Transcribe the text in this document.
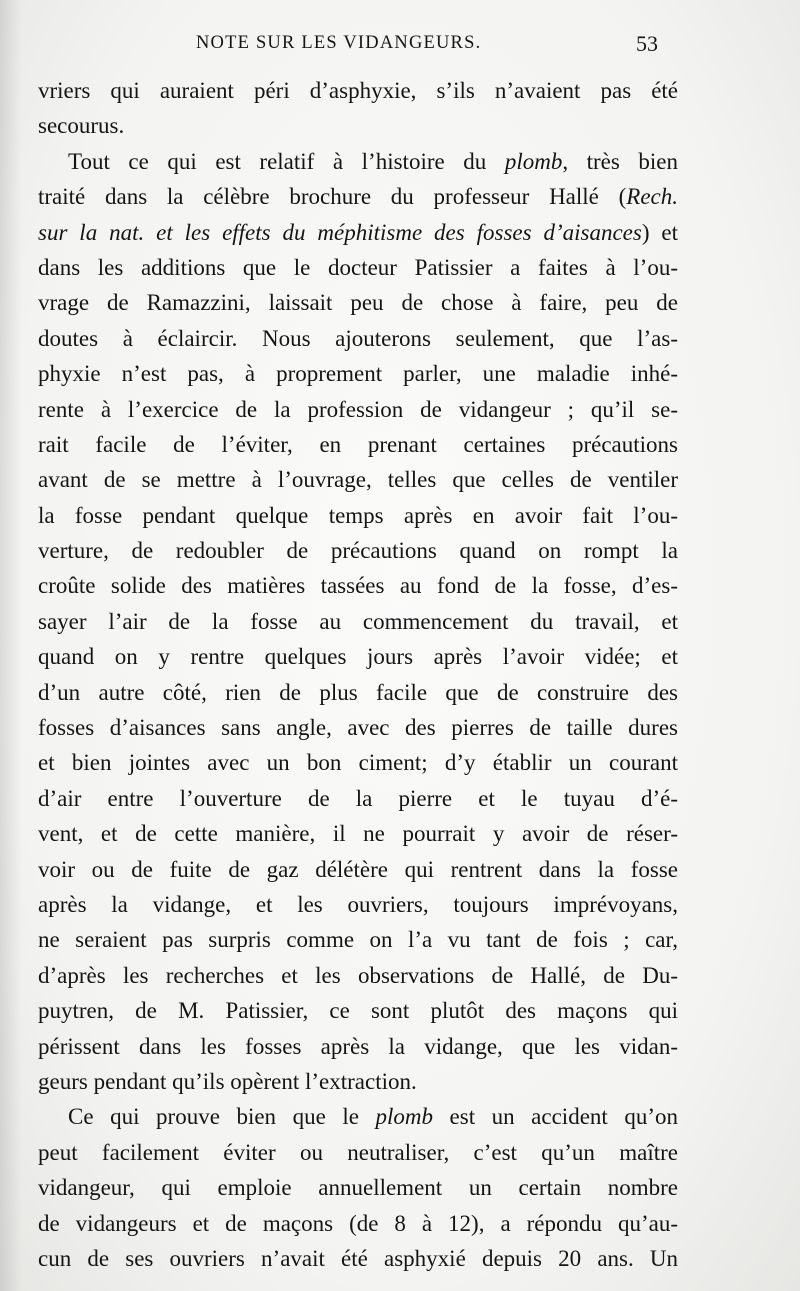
NOTE SUR LES VIDANGEURS.	53
vriers qui auraient péri d’asphyxie, s’ils n’avaient pas été
secourus.
Tout ce qui est relatif à l’histoire du plomb, très bien
traité dans la célèbre brochure du professeur Hallé (Rech.
sur la nat. et les effets du méphitisme des fosses d’aisances) et
dans les additions que le docteur Patissier a faites à l’ou-
vrage de Ramazzini, laissait peu de chose à faire, peu de
doutes à éclaircir. Nous ajouterons seulement, que l’as-
phyxie n’est pas, à proprement parler, une maladie inhé-
rente à l’exercice de la profession de vidangeur ; qu’il se-
rait facile de l’éviter, en prenant certaines précautions
avant de se mettre à l’ouvrage, telles que celles de ventiler
la fosse pendant quelque temps après en avoir fait l’ou-
verture, de redoubler de précautions quand on rompt la
croûte solide des matières tassées au fond de la fosse, d’es-
sayer l’air de la fosse au commencement du travail, et
quand on y rentre quelques jours après l’avoir vidée; et
d’un autre côté, rien de plus facile que de construire des
fosses d’aisances sans angle, avec des pierres de taille dures
et bien jointes avec un bon ciment; d’y établir un courant
d’air entre l’ouverture de la pierre et le tuyau d’é-
vent, et de cette manière, il ne pourrait y avoir de réser-
voir ou de fuite de gaz délétère qui rentrent dans la fosse
après la vidange, et les ouvriers, toujours imprévoyans,
ne seraient pas surpris comme on l’a vu tant de fois ; car,
d’après les recherches et les observations de Hallé, de Du-
puytren, de M. Patissier, ce sont plutôt des maçons qui
périssent dans les fosses après la vidange, que les vidan-
geurs pendant qu’ils opèrent l’extraction.
Ce qui prouve bien que le plomb est un accident qu’on
peut facilement éviter ou neutraliser, c’est qu’un maître
vidangeur, qui emploie annuellement un certain nombre
de vidangeurs et de maçons (de 8 à 12), a répondu qu’au-
cun de ses ouvriers n’avait été asphyxié depuis 20 ans. Un
